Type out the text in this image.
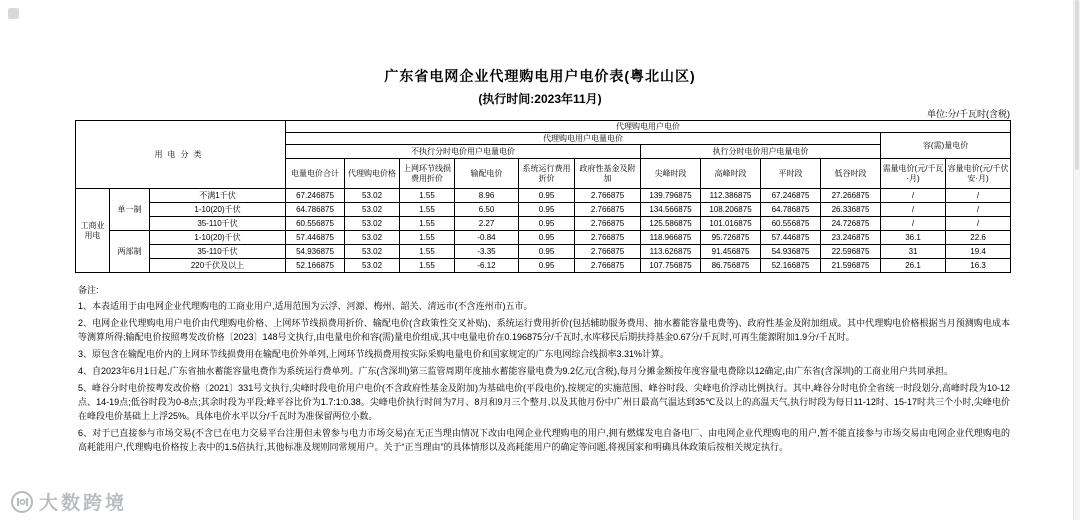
广东省电网企业代理购电用户电价表(粤北山区)
(执行时间:2023年11月)
单位:分/千瓦时(含税)
用电分类			代理购电用户电价											
			代理购电用户电量电价										容(需)量电价	
			不执行分时电价用户电量电价						执行分时电价用户电量电价					
			电量电价合计	代理购电价格	上网环节线损费用折价	输配电价	系统运行费用折价	政府性基金及附加	尖峰时段	高峰时段	平时段	低谷时段	需量电价(元/千瓦·月)	容量电价(元/千伏安·月)
工商业用电	单一制	不满1千伏	67.246875	53.02	1.55	8.96	0.95	2.766875	139.796875	112.386875	67.246875	27.266875	/	/
		1-10(20)千伏	64.786875	53.02	1.55	6.50	0.95	2.766875	134.566875	108.206875	64.786875	26.336875	/	/
		35-110千伏	60.556875	53.02	1.55	2.27	0.95	2.766875	125.586875	101.016875	60.556875	24.726875	/	/
	两部制	1-10(20)千伏	57.446875	53.02	1.55	-0.84	0.95	2.766875	118.966875	95.726875	57.446875	23.246875	36.1	22.6
		35-110千伏	54.936875	53.02	1.55	-3.35	0.95	2.766875	113.626875	91.456875	54.936875	22.596875	31	19.4
		220千伏及以上	52.166875	53.02	1.55	-6.12	0.95	2.766875	107.756875	86.756875	52.166875	21.596875	26.1	16.3
备注:
1、本表适用于由电网企业代理购电的工商业用户,适用范围为云浮、河源、梅州、韶关、清远市(不含连州市)五市。
2、电网企业代理购电用户电价由代理购电价格、上网环节线损费用折价、输配电价(含政策性交叉补贴)、系统运行费用折价(包括辅助服务费用、抽水蓄能容量电费等)、政府性基金及附加组成。其中代理购电价格根据当月预测购电成本等测算所得;输配电价按照粤发改价格〔2023〕148号文执行,由电量电价和容(需)量电价组成,其中电量电价在0.196875分/千瓦时,水库移民后期扶持基金0.67分/千瓦时,可再生能源附加1.9分/千瓦时。
3、原包含在输配电价内的上网环节线损费用在输配电价外单列,上网环节线损费用按实际采购电量电价和国家规定的广东电网综合线损率3.31%计算。
4、自2023年6月1日起,广东省抽水蓄能容量电费作为系统运行费单列。广东(含深圳)第三监管周期年度抽水蓄能容量电费为9.2亿元(含税),每月分摊金额按年度容量电费除以12确定,由广东省(含深圳)的工商业用户共同承担。
5、峰谷分时电价按粤发改价格〔2021〕331号文执行,尖峰时段电价用户电价(不含政府性基金及附加)为基础电价(平段电价),按规定的实施范围、峰谷时段、尖峰电价浮动比例执行。其中,峰谷分时电价全省统一时段划分,高峰时段为10-12点、14-19点;低谷时段为0-8点;其余时段为平段;峰平谷比价为1.7:1:0.38。尖峰电价执行时间为7月、8月和9月三个整月,以及其他月份中广州日最高气温达到35℃及以上的高温天气,执行时段为每日11-12时、15-17时共三个小时,尖峰电价在峰段电价基础上上浮25%。具体电价水平以分/千瓦时为准保留两位小数。
6、对于已直接参与市场交易(不含已在电力交易平台注册但未曾参与电力市场交易)在无正当理由情况下改由电网企业代理购电的用户,拥有燃煤发电自备电厂、由电网企业代理购电的用户,暂不能直接参与市场交易由电网企业代理购电的高耗能用户,代理购电价格按上表中的1.5倍执行,其他标准及规则同常规用户。关于“正当理由”的具体情形以及高耗能用户的确定等问题,将视国家和明确具体政策后按相关规定执行。
大数跨境
